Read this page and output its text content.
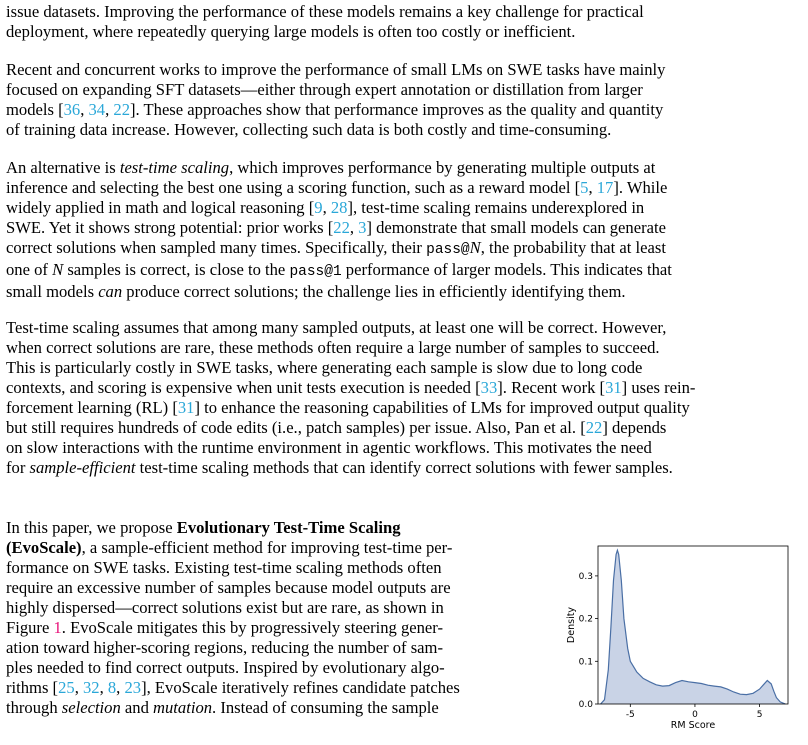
issue datasets. Improving the performance of these models remains a key challenge for practical
deployment, where repeatedly querying large models is often too costly or inefficient.
Recent and concurrent works to improve the performance of small LMs on SWE tasks have mainly
focused on expanding SFT datasets—either through expert annotation or distillation from larger
models [36, 34, 22]. These approaches show that performance improves as the quality and quantity
of training data increase. However, collecting such data is both costly and time-consuming.
An alternative is test-time scaling, which improves performance by generating multiple outputs at
inference and selecting the best one using a scoring function, such as a reward model [5, 17]. While
widely applied in math and logical reasoning [9, 28], test-time scaling remains underexplored in
SWE. Yet it shows strong potential: prior works [22, 3] demonstrate that small models can generate
correct solutions when sampled many times. Specifically, their pass@N, the probability that at least
one of N samples is correct, is close to the pass@1 performance of larger models. This indicates that
small models can produce correct solutions; the challenge lies in efficiently identifying them.
Test-time scaling assumes that among many sampled outputs, at least one will be correct. However,
when correct solutions are rare, these methods often require a large number of samples to succeed.
This is particularly costly in SWE tasks, where generating each sample is slow due to long code
contexts, and scoring is expensive when unit tests execution is needed [33]. Recent work [31] uses rein-
forcement learning (RL) [31] to enhance the reasoning capabilities of LMs for improved output quality
but still requires hundreds of code edits (i.e., patch samples) per issue. Also, Pan et al. [22] depends
on slow interactions with the runtime environment in agentic workflows. This motivates the need
for sample-efficient test-time scaling methods that can identify correct solutions with fewer samples.
In this paper, we propose Evolutionary Test-Time Scaling
(EvoScale), a sample-efficient method for improving test-time per-
formance on SWE tasks. Existing test-time scaling methods often
require an excessive number of samples because model outputs are
highly dispersed—correct solutions exist but are rare, as shown in
Figure 1. EvoScale mitigates this by progressively steering gener-
ation toward higher-scoring regions, reducing the number of sam-
ples needed to find correct outputs. Inspired by evolutionary algo-
rithms [25, 32, 8, 23], EvoScale iteratively refines candidate patches
through selection and mutation. Instead of consuming the sample	-5	0	5
0.0
0.1
0.2
0.3
RM Score
Density
